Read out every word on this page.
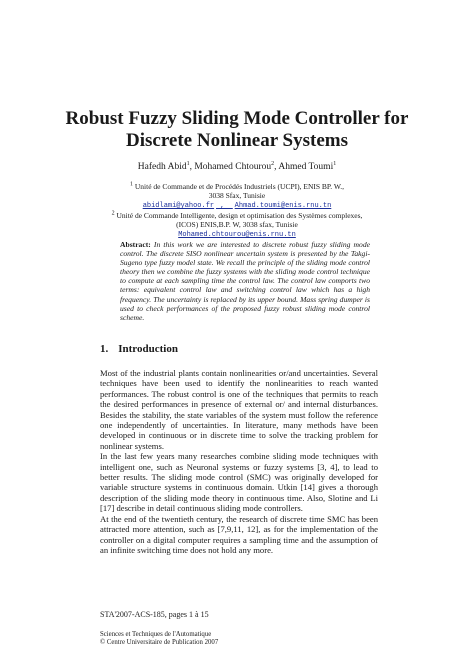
Robust Fuzzy Sliding Mode Controller for
Discrete Nonlinear Systems
Hafedh Abid$^1$, Mohamed Chtourou$^2$, Ahmed Toumi$^1$
$^1$ Unité de Commande et de Procédés Industriels (UCPI), ENIS BP. W.,
3038 Sfax, Tunisie
abidlami@yahoo.fr  ,   Ahmad.toumi@enis.rnu.tn
$^2$ Unité de Commande Intelligente, design et optimisation des Systèmes complexes,
(ICOS) ENIS,B.P. W, 3038 sfax, Tunisie
Mohamed.chtourou@enis.rnu.tn
Abstract: In this work we are interested to discrete robust fuzzy sliding mode control. The discrete SISO nonlinear uncertain system is presented by the Takgi-Sugeno type fuzzy model state. We recall the principle of the sliding mode control theory then we combine the fuzzy systems with the sliding mode control technique to compute at each sampling time the control law. The control law comports two terms: equivalent control law and switching control law which has a high frequency. The uncertainty is replaced by its upper bound. Mass spring dumper is used to check performances of the proposed fuzzy robust sliding mode control scheme.
1. Introduction

Most of the industrial plants contain nonlinearities or/and uncertainties. Several techniques have been used to identify the nonlinearities to reach wanted performances. The robust control is one of the techniques that permits to reach the desired performances in presence of external or/ and internal disturbances. Besides the stability, the state variables of the system must follow the reference one independently of uncertainties. In literature, many methods have been developed in continuous or in discrete time to solve the tracking problem for nonlinear systems.

In the last few years many researches combine sliding mode techniques with intelligent one, such as Neuronal systems or fuzzy systems [3, 4], to lead to better results. The sliding mode control (SMC) was originally developed for variable structure systems in continuous domain. Utkin [14] gives a thorough description of the sliding mode theory in continuous time. Also, Slotine and Li [17] describe in detail continuous sliding mode controllers.

At the end of the twentieth century, the research of discrete time SMC has been attracted more attention, such as [7,9,11, 12], as for the implementation of the controller on a digital computer requires a sampling time and the assumption of an infinite switching time does not hold any more.

STA'2007-ACS-185, pages 1 à 15
Sciences et Techniques de l'Automatique
© Centre Universitaire de Publication 2007
